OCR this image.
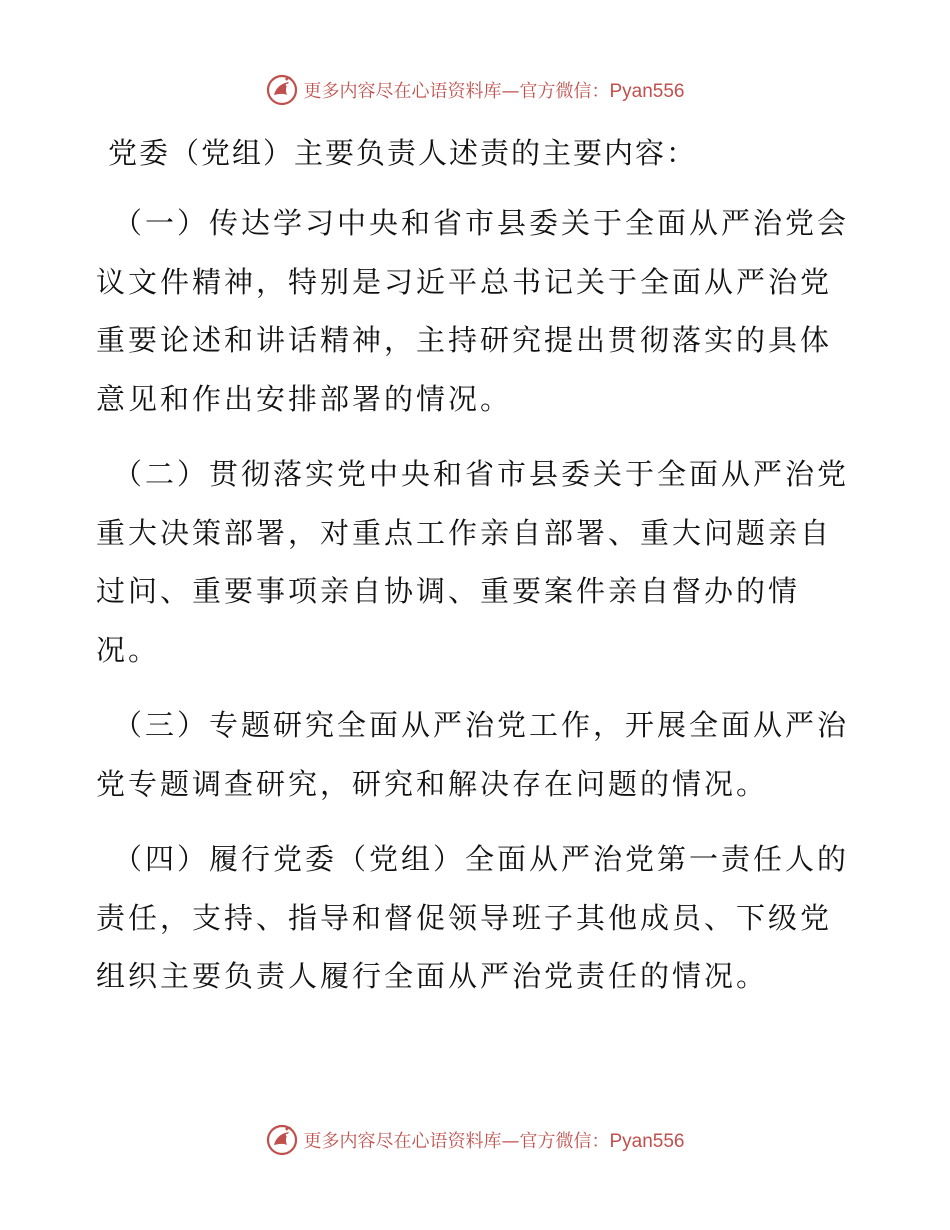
更多内容尽在心语资料库—官方微信：Pyan556
党委（党组）主要负责人述责的主要内容：

（一）传达学习中央和省市县委关于全面从严治党会议文件精神，特别是习近平总书记关于全面从严治党重要论述和讲话精神，主持研究提出贯彻落实的具体意见和作出安排部署的情况。

（二）贯彻落实党中央和省市县委关于全面从严治党重大决策部署，对重点工作亲自部署、重大问题亲自过问、重要事项亲自协调、重要案件亲自督办的情况。

（三）专题研究全面从严治党工作，开展全面从严治党专题调查研究，研究和解决存在问题的情况。

（四）履行党委（党组）全面从严治党第一责任人的责任，支持、指导和督促领导班子其他成员、下级党组织主要负责人履行全面从严治党责任的情况。

更多内容尽在心语资料库—官方微信：Pyan556
